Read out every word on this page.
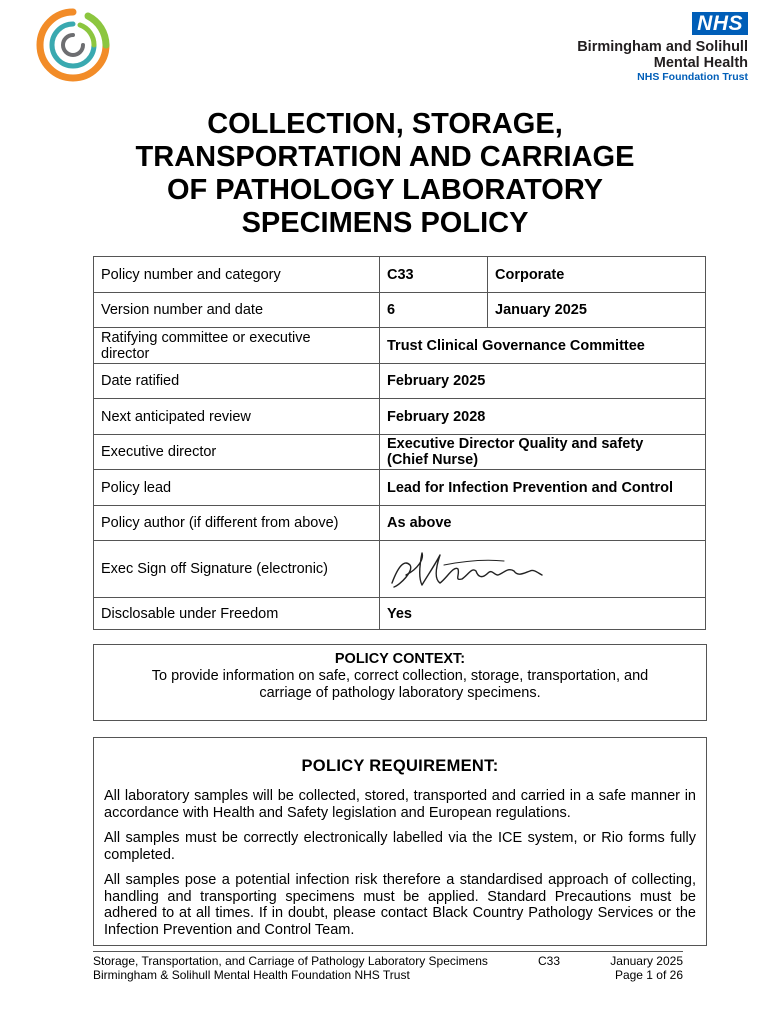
NHS
Birmingham and Solihull
Mental Health
NHS Foundation Trust
COLLECTION, STORAGE,
TRANSPORTATION AND CARRIAGE
OF PATHOLOGY LABORATORY
SPECIMENS POLICY
Policy number and category	C33	Corporate
Version number and date	6	January 2025
Ratifying committee or executive
director	Trust Clinical Governance Committee	
Date ratified	February 2025	
Next anticipated review	February 2028	
Executive director	Executive Director Quality and safety
(Chief Nurse)	
Policy lead	Lead for Infection Prevention and Control	
Policy author (if different from above)	As above	
Exec Sign off Signature (electronic)	

Disclosable under Freedom	Yes	
POLICY CONTEXT:
To provide information on safe, correct collection, storage, transportation, and carriage of pathology laboratory specimens.
POLICY REQUIREMENT:

All laboratory samples will be collected, stored, transported and carried in a safe manner in accordance with Health and Safety legislation and European regulations.

All samples must be correctly electronically labelled via the ICE system, or Rio forms fully completed.

All samples pose a potential infection risk therefore a standardised approach of collecting, handling and transporting specimens must be applied. Standard Precautions must be adhered to at all times. If in doubt, please contact Black Country Pathology Services or the Infection Prevention and Control Team.

Storage, Transportation, and Carriage of Pathology Laboratory Specimens	C33	January 2025
Birmingham & Solihull Mental Health Foundation NHS Trust	Page 1 of 26
